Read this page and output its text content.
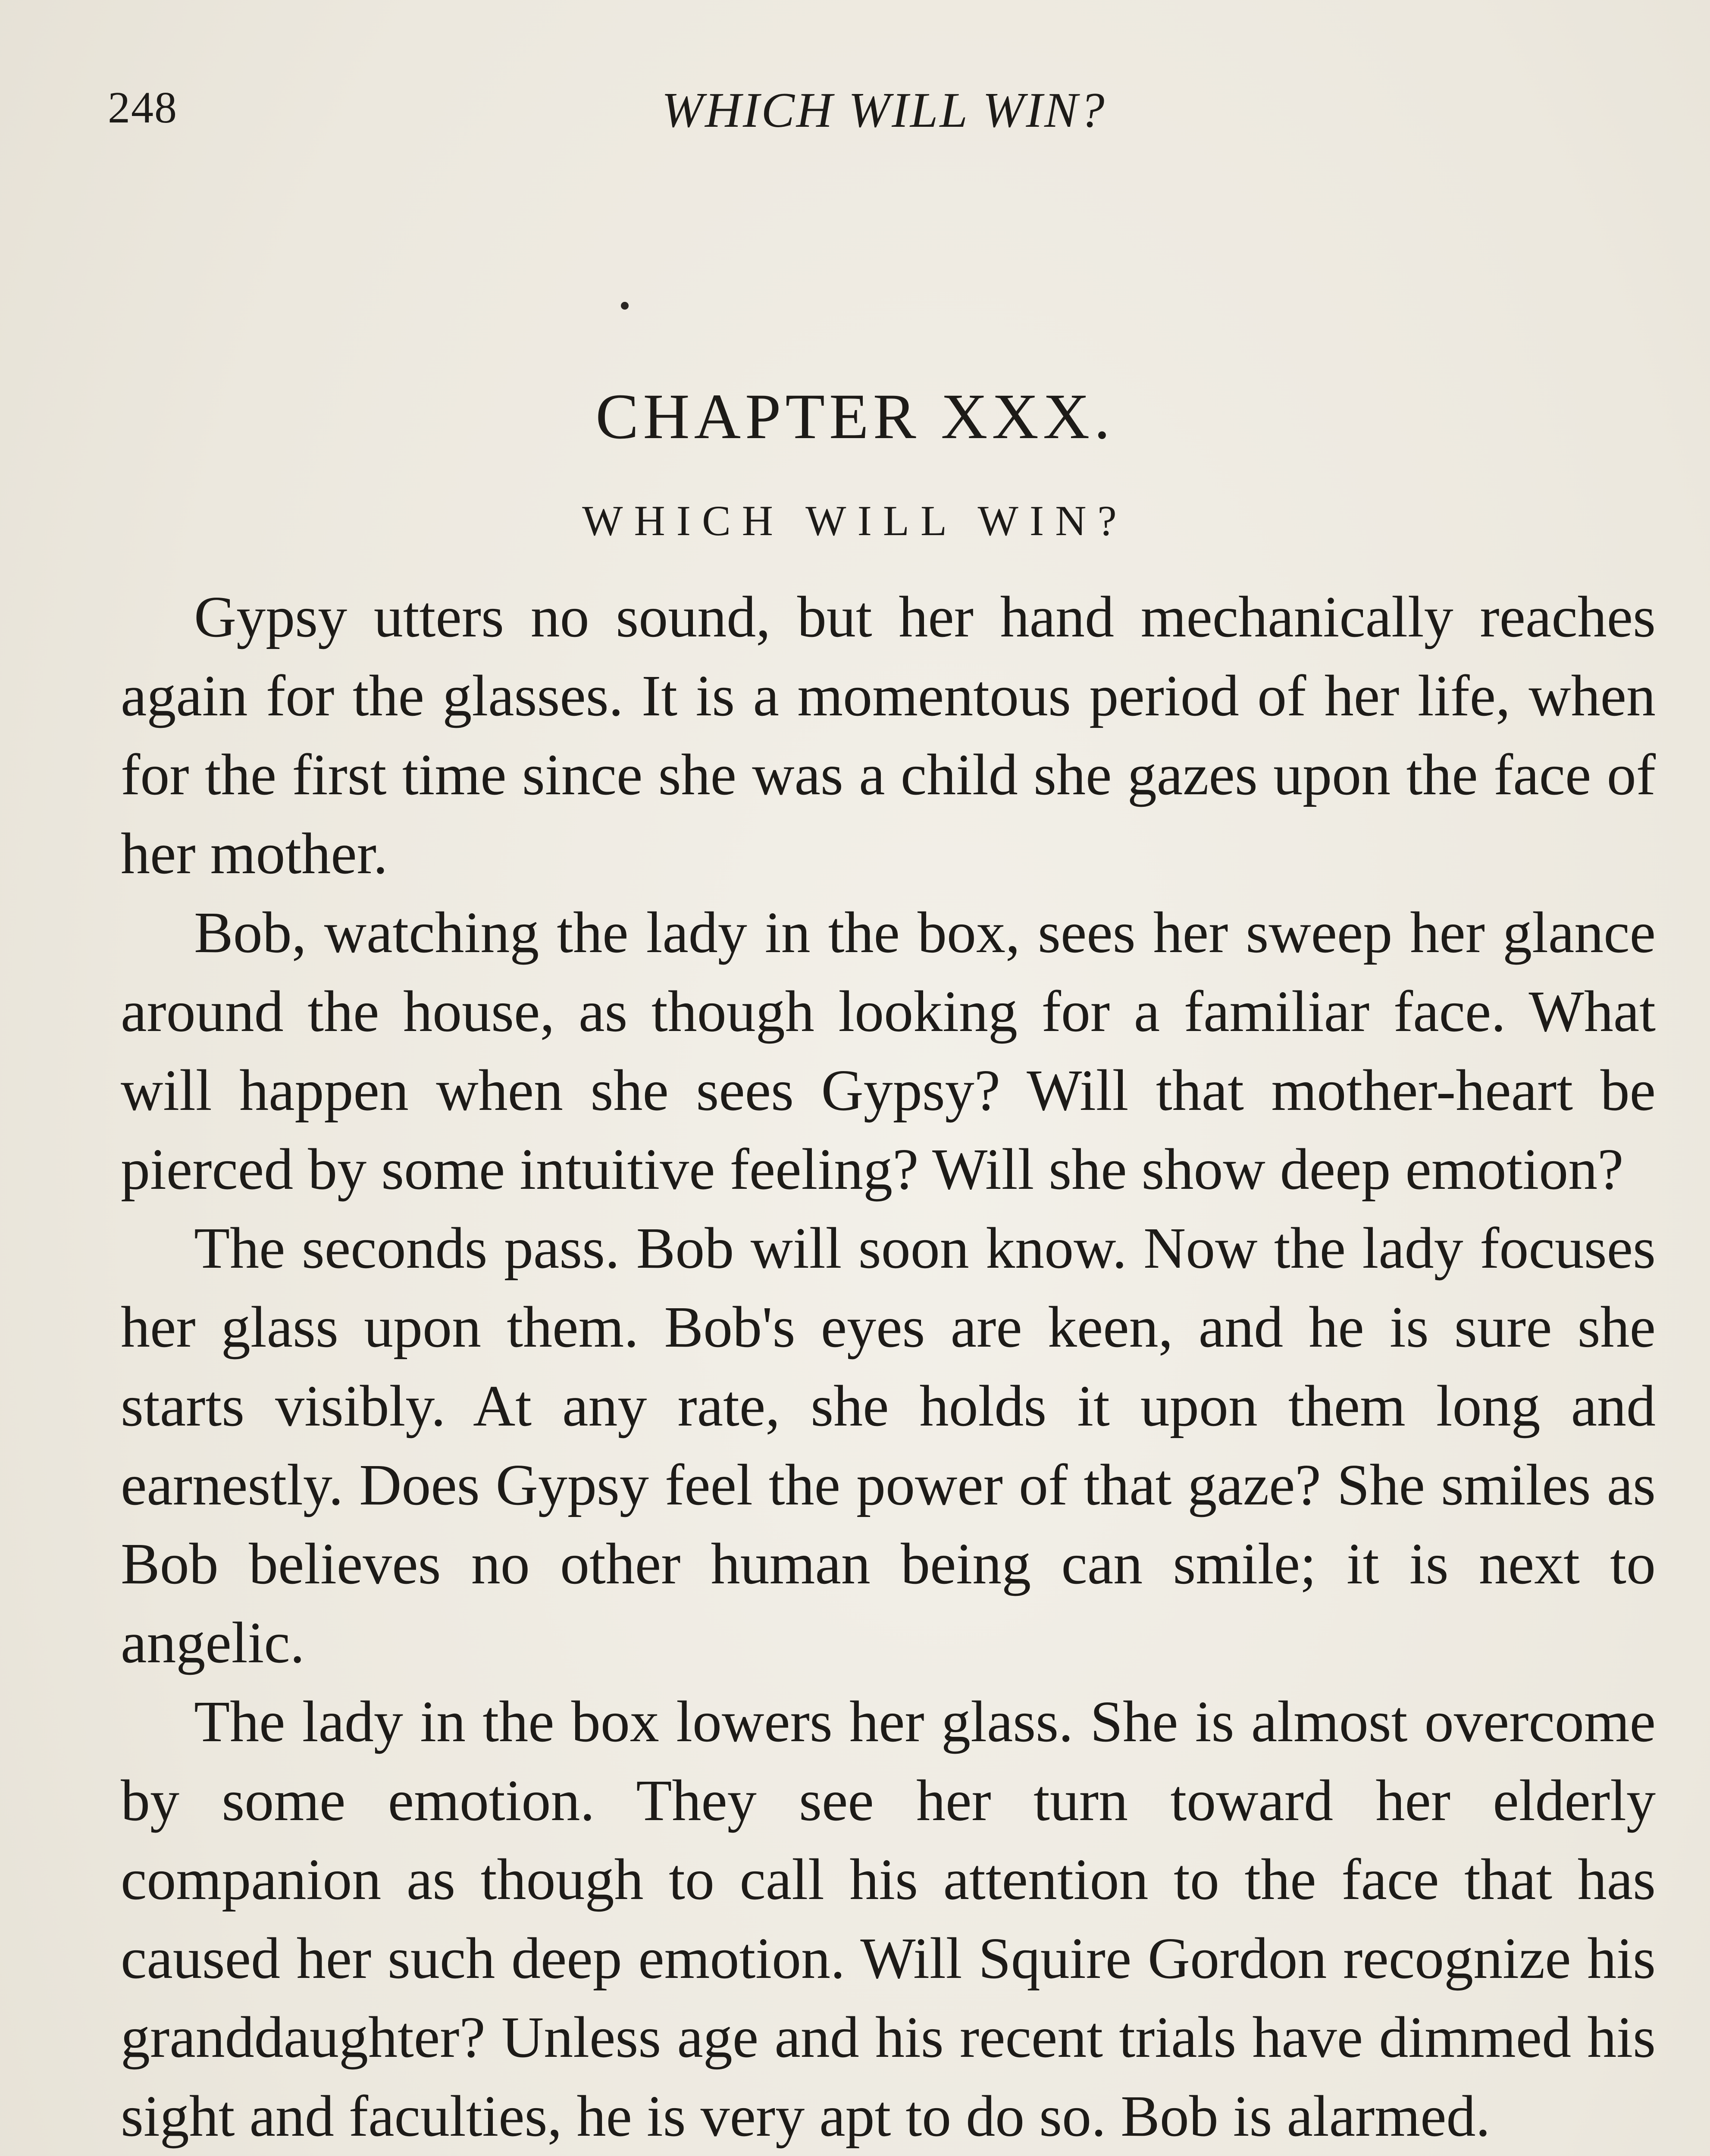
248	WHICH WILL WIN?
CHAPTER XXX.
WHICH WILL WIN?

Gypsy utters no sound, but her hand mechanically reaches again for the glasses. It is a momentous period of her life, when for the first time since she was a child she gazes upon the face of her mother.

Bob, watching the lady in the box, sees her sweep her glance around the house, as though looking for a familiar face. What will happen when she sees Gypsy? Will that mother-heart be pierced by some intuitive feeling? Will she show deep emotion?

The seconds pass. Bob will soon know. Now the lady focuses her glass upon them. Bob's eyes are keen, and he is sure she starts visibly. At any rate, she holds it upon them long and earnestly. Does Gypsy feel the power of that gaze? She smiles as Bob believes no other human being can smile; it is next to angelic.

The lady in the box lowers her glass. She is almost overcome by some emotion. They see her turn toward her elderly companion as though to call his attention to the face that has caused her such deep emotion. Will Squire Gordon recognize his granddaughter? Unless age and his recent trials have dimmed his sight and faculties, he is very apt to do so. Bob is alarmed.
